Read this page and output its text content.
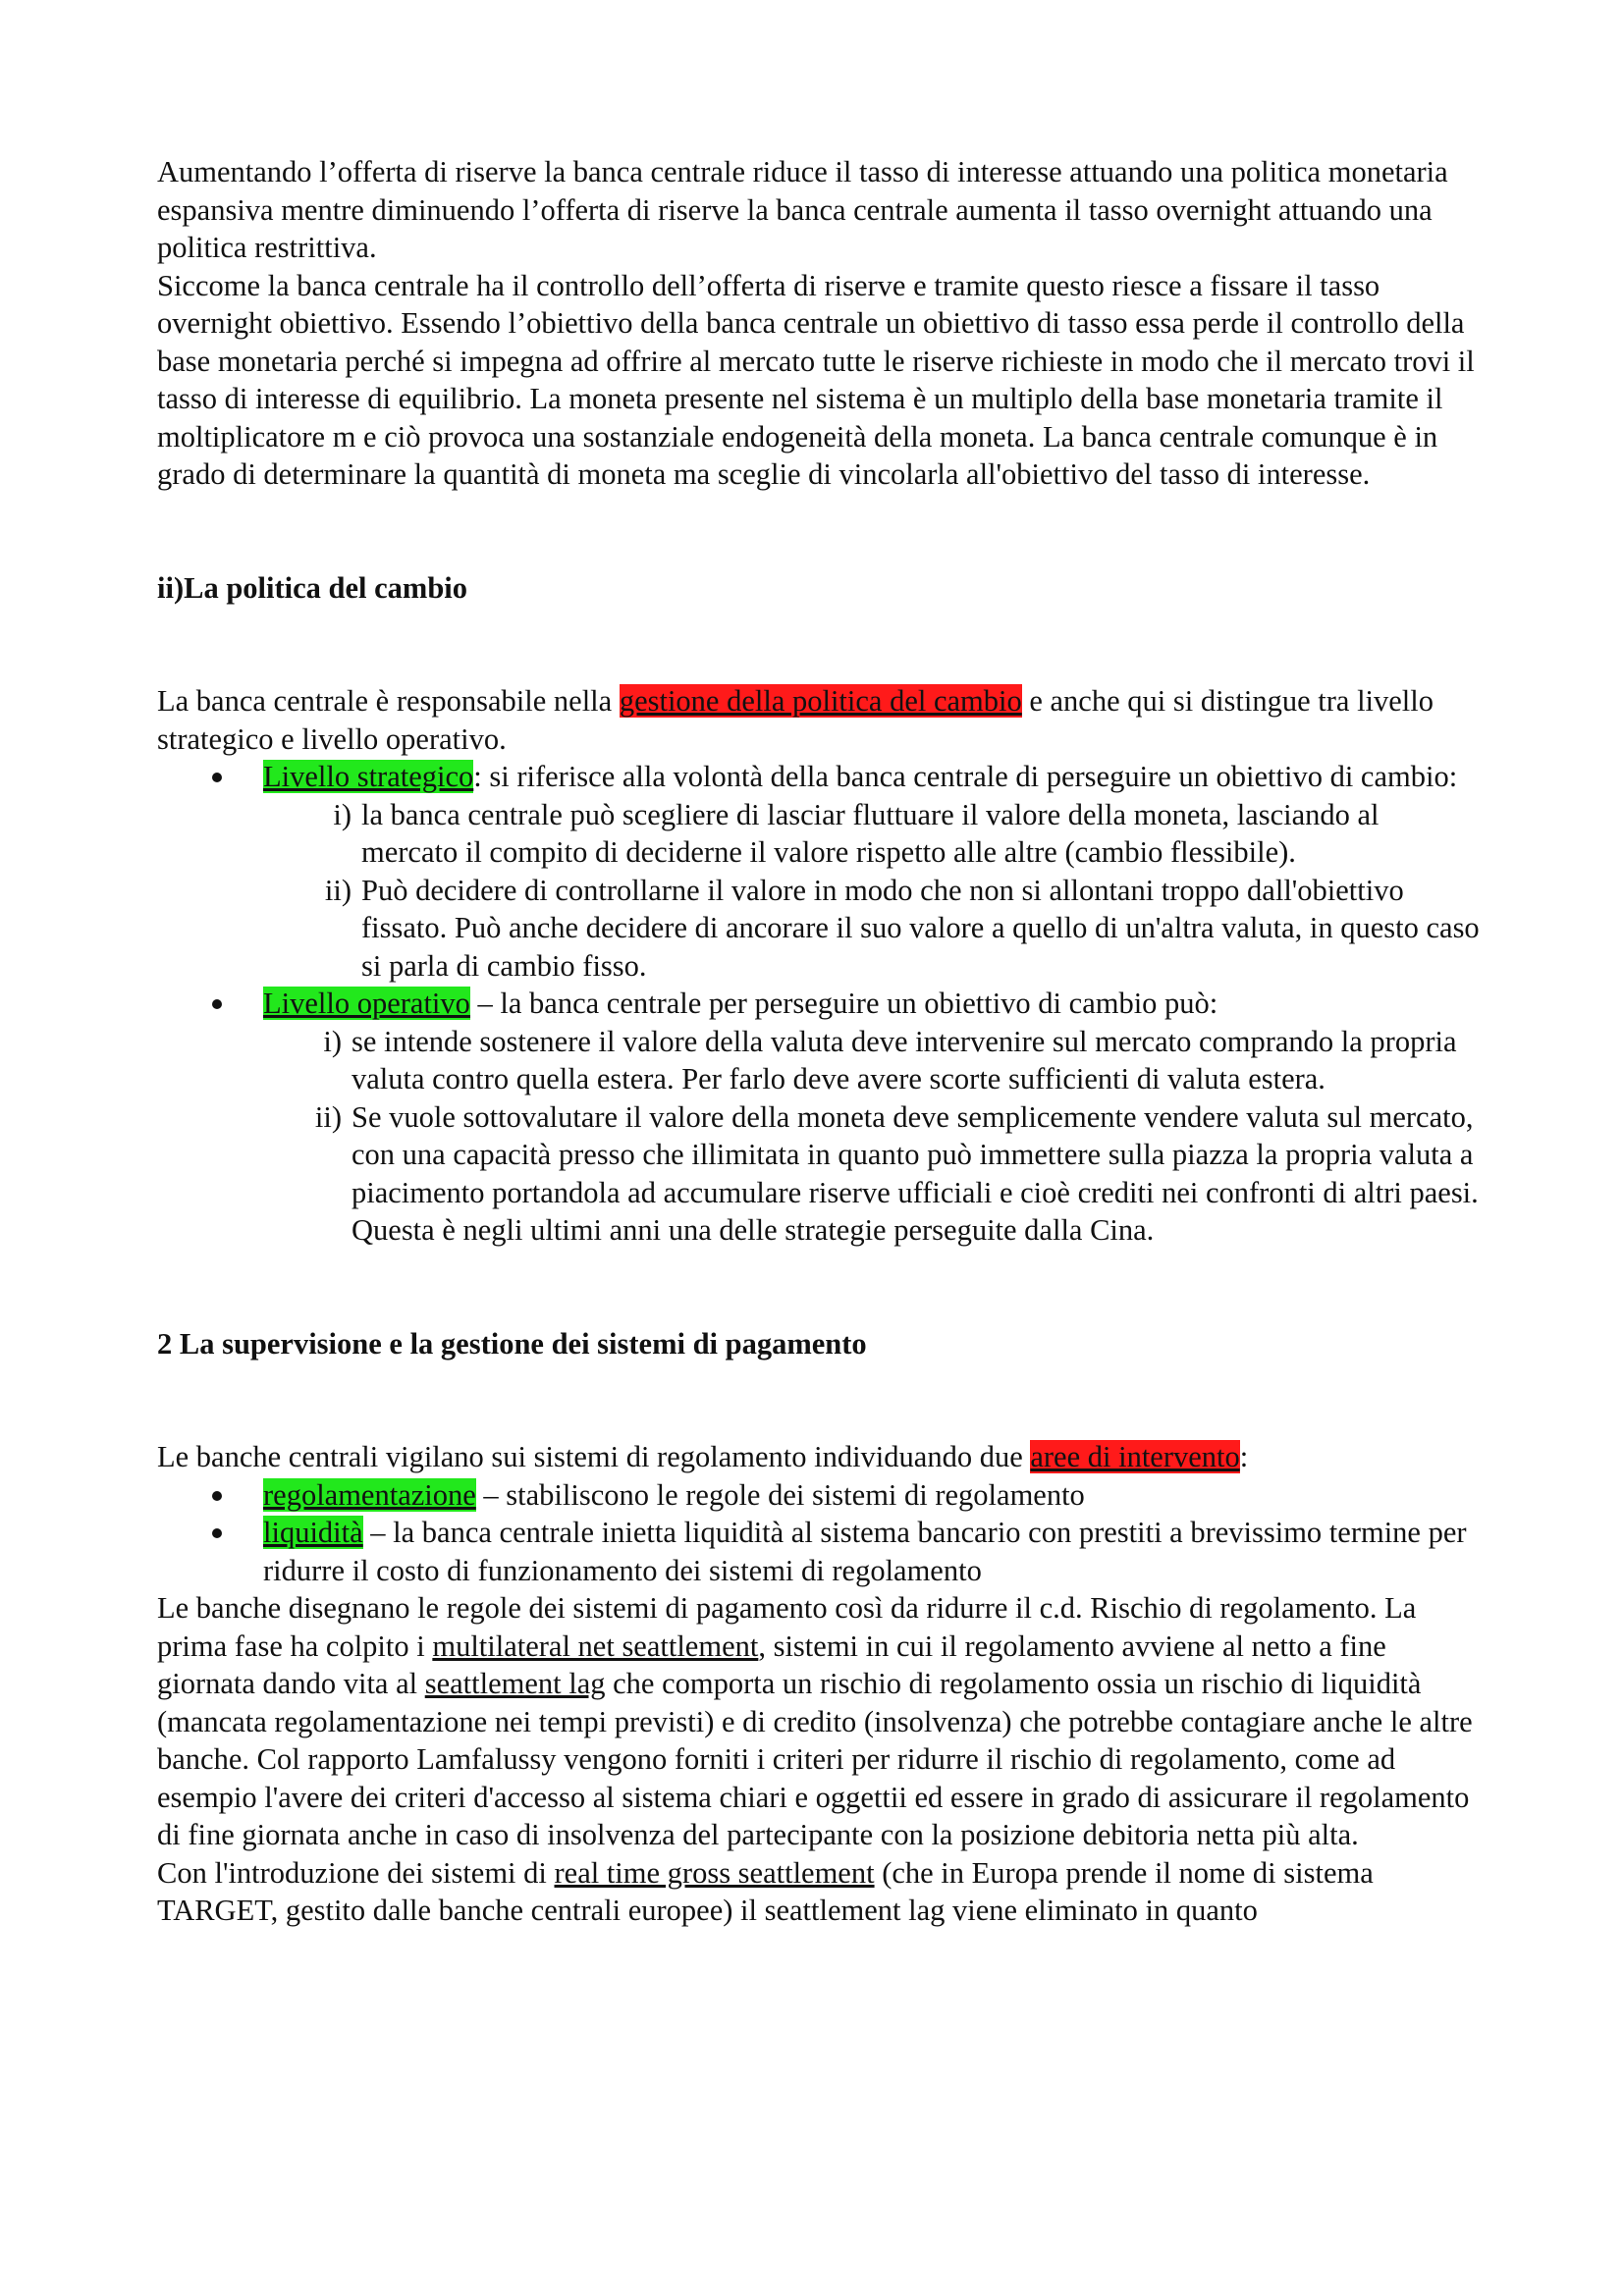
Aumentando l’offerta di riserve la banca centrale riduce il tasso di interesse attuando una politica monetaria espansiva mentre diminuendo l’offerta di riserve la banca centrale aumenta il tasso overnight attuando una politica restrittiva.

Siccome la banca centrale ha il controllo dell’offerta di riserve e tramite questo riesce a fissare il tasso overnight obiettivo. Essendo l’obiettivo della banca centrale un obiettivo di tasso essa perde il controllo della base monetaria perché si impegna ad offrire al mercato tutte le riserve richieste in modo che il mercato trovi il tasso di interesse di equilibrio. La moneta presente nel sistema è un multiplo della base monetaria tramite il moltiplicatore m e ciò provoca una sostanziale endogeneità della moneta. La banca centrale comunque è in grado di determinare la quantità di moneta ma sceglie di vincolarla all'obiettivo del tasso di interesse.

ii)La politica del cambio

La banca centrale è responsabile nella gestione della politica del cambio e anche qui si distingue tra livello strategico e livello operativo.

Livello strategico: si riferisce alla volontà della banca centrale di perseguire un obiettivo di cambio:
i) la banca centrale può scegliere di lasciar fluttuare il valore della moneta, lasciando al mercato il compito di deciderne il valore rispetto alle altre (cambio flessibile).
ii) Può decidere di controllarne il valore in modo che non si allontani troppo dall'obiettivo fissato. Può anche decidere di ancorare il suo valore a quello di un'altra valuta, in questo caso si parla di cambio fisso.
Livello operativo – la banca centrale per perseguire un obiettivo di cambio può:
i) se intende sostenere il valore della valuta deve intervenire sul mercato comprando la propria valuta contro quella estera. Per farlo deve avere scorte sufficienti di valuta estera.
ii) Se vuole sottovalutare il valore della moneta deve semplicemente vendere valuta sul mercato, con una capacità presso che illimitata in quanto può immettere sulla piazza la propria valuta a piacimento portandola ad accumulare riserve ufficiali e cioè crediti nei confronti di altri paesi. Questa è negli ultimi anni una delle strategie perseguite dalla Cina.
2 La supervisione e la gestione dei sistemi di pagamento

Le banche centrali vigilano sui sistemi di regolamento individuando due aree di intervento:

regolamentazione – stabiliscono le regole dei sistemi di regolamento
liquidità – la banca centrale inietta liquidità al sistema bancario con prestiti a brevissimo termine per ridurre il costo di funzionamento dei sistemi di regolamento

Le banche disegnano le regole dei sistemi di pagamento così da ridurre il c.d. Rischio di regolamento. La prima fase ha colpito i multilateral net seattlement, sistemi in cui il regolamento avviene al netto a fine giornata dando vita al seattlement lag che comporta un rischio di regolamento ossia un rischio di liquidità (mancata regolamentazione nei tempi previsti) e di credito (insolvenza) che potrebbe contagiare anche le altre banche. Col rapporto Lamfalussy vengono forniti i criteri per ridurre il rischio di regolamento, come ad esempio l'avere dei criteri d'accesso al sistema chiari e oggettii ed essere in grado di assicurare il regolamento di fine giornata anche in caso di insolvenza del partecipante con la posizione debitoria netta più alta.

Con l'introduzione dei sistemi di real time gross seattlement (che in Europa prende il nome di sistema TARGET, gestito dalle banche centrali europee) il seattlement lag viene eliminato in quanto
